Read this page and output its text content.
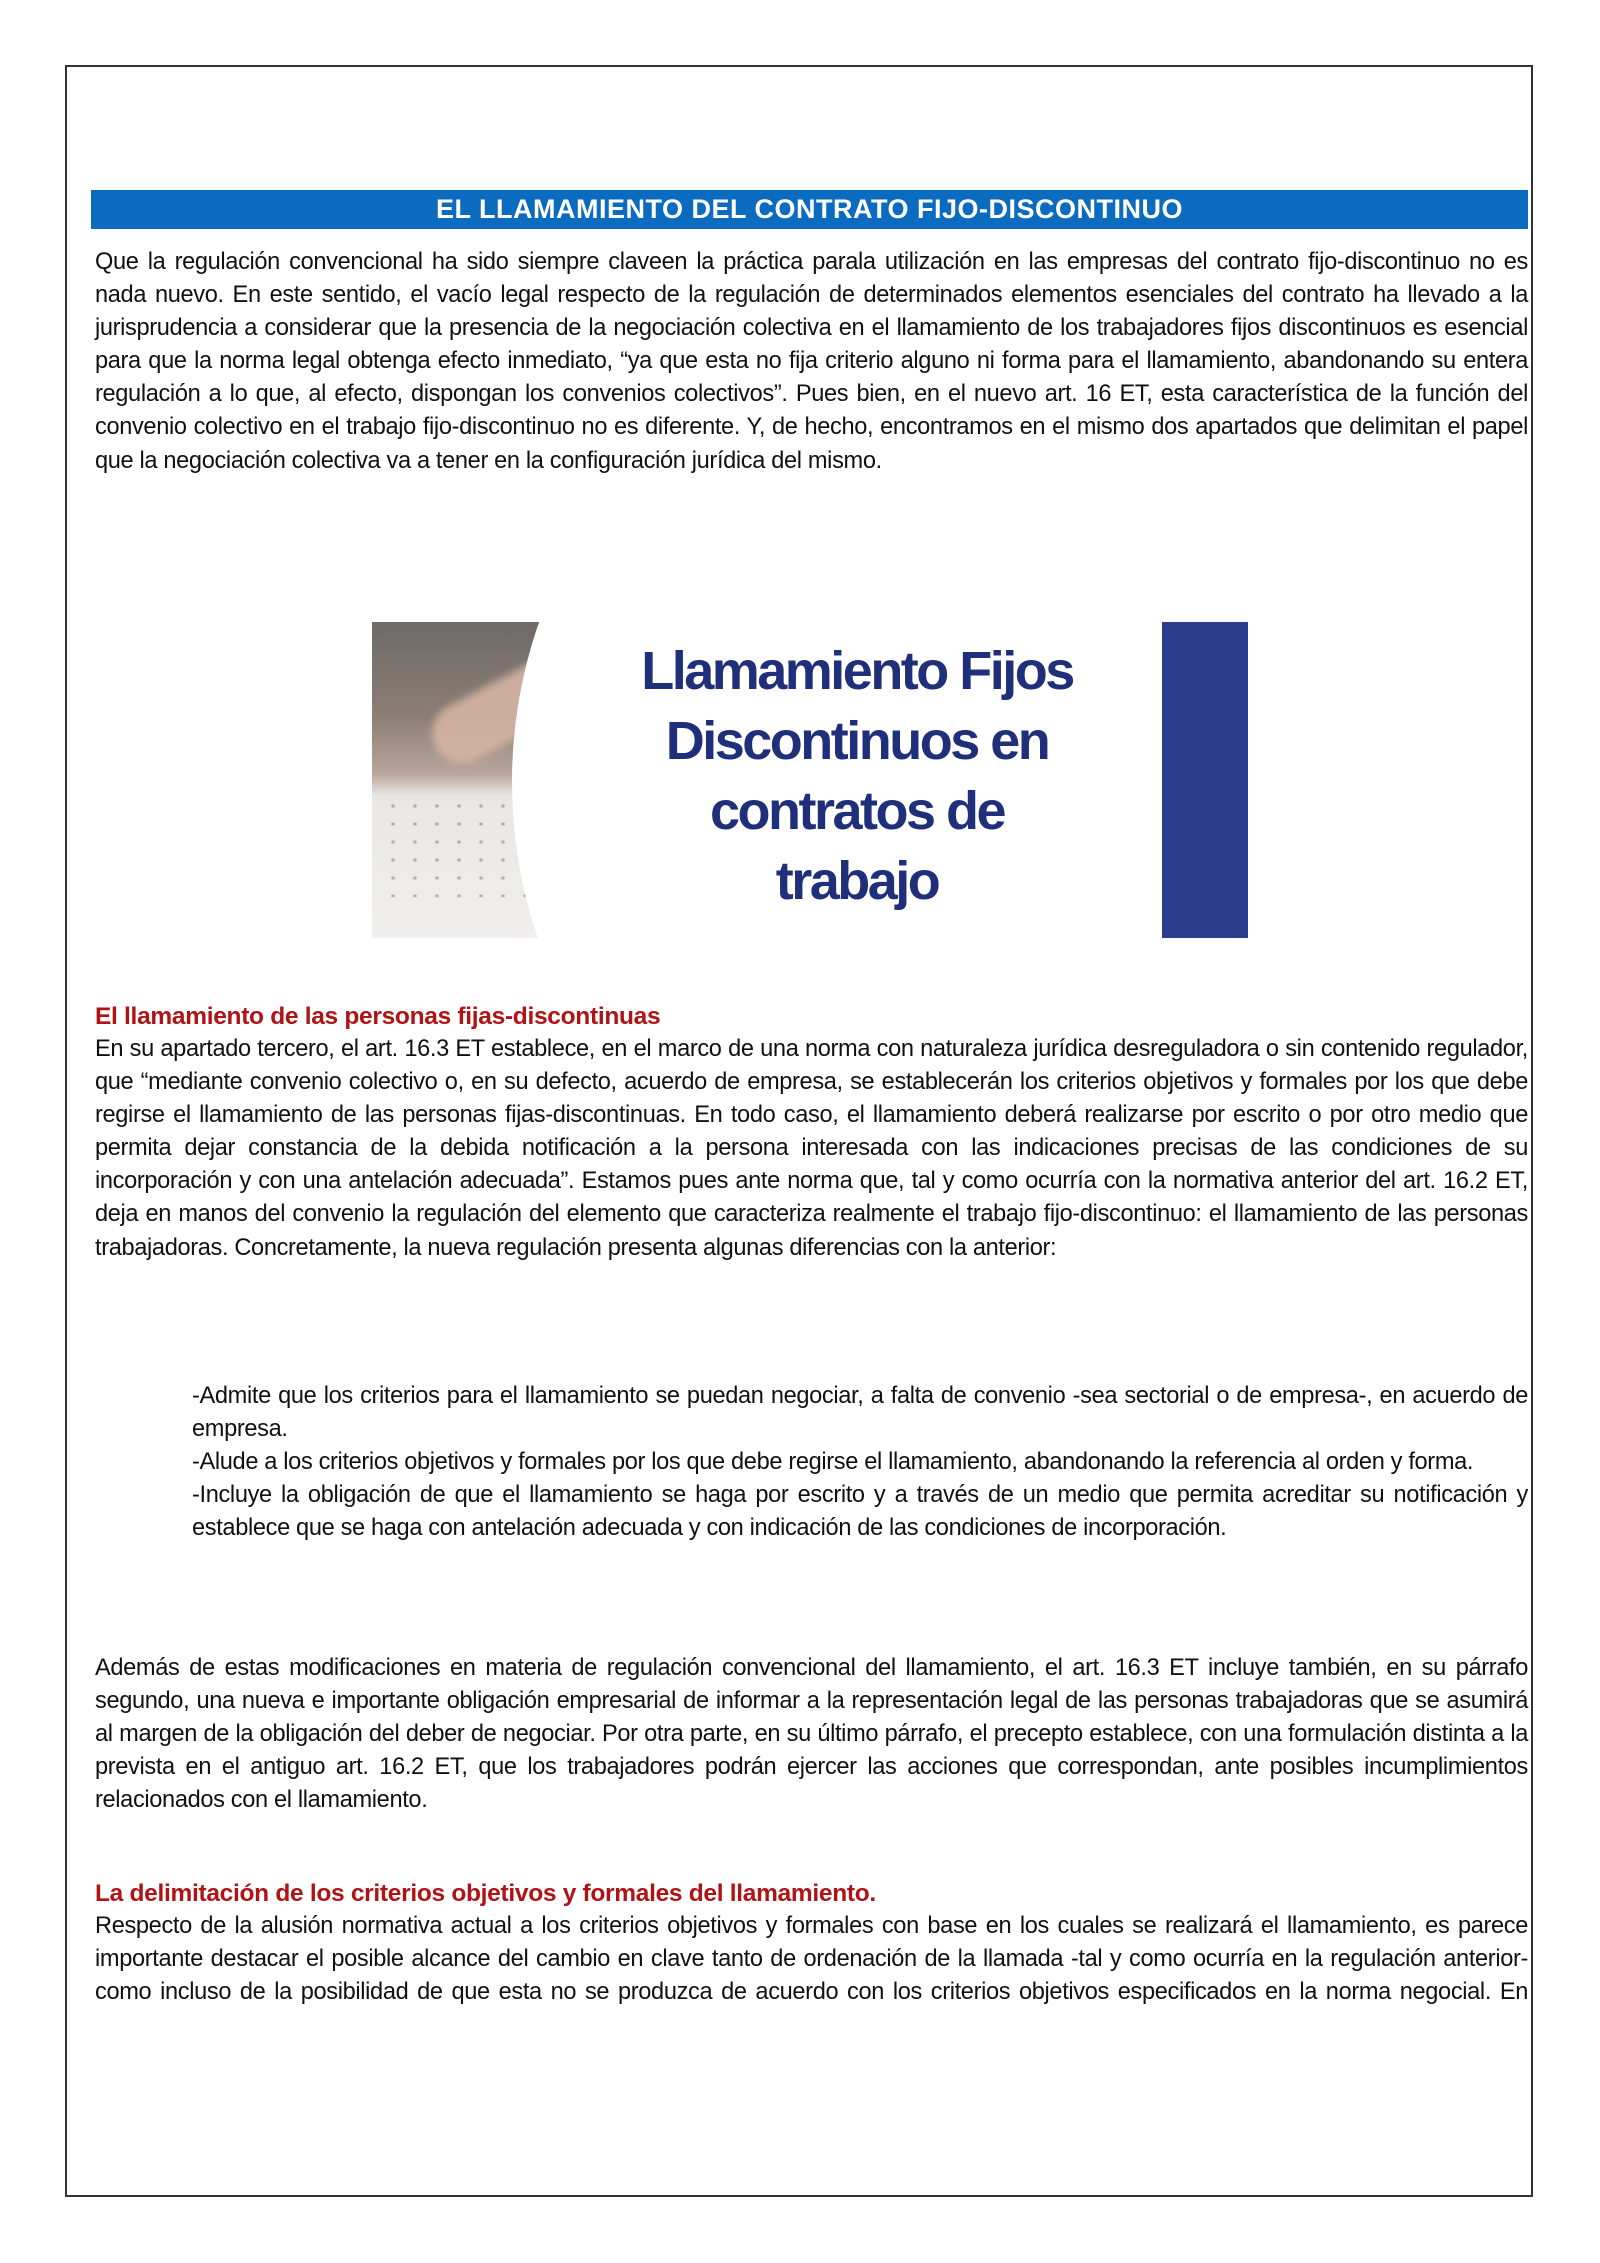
EL LLAMAMIENTO DEL CONTRATO FIJO-DISCONTINUO

Que la regulación convencional ha sido siempre claveen la práctica parala utilización en las empresas del contrato fijo-discontinuo no es nada nuevo. En este sentido, el vacío legal respecto de la regulación de determinados elementos esenciales del contrato ha llevado a la jurisprudencia a considerar que la presencia de la negociación colectiva en el llamamiento de los trabajadores fijos discontinuos es esencial para que la norma legal obtenga efecto inmediato, “ya que esta no fija criterio alguno ni forma para el llamamiento, abandonando su entera regulación a lo que, al efecto, dispongan los convenios colectivos”. Pues bien, en el nuevo art. 16 ET, esta característica de la función del convenio colectivo en el trabajo fijo-discontinuo no es diferente. Y, de hecho, encontramos en el mismo dos apartados que delimitan el papel que la negociación colectiva va a tener en la configuración jurídica del mismo.

Llamamiento Fijos
Discontinuos en
contratos de
trabajo

El llamamiento de las personas fijas-discontinuas

En su apartado tercero, el art. 16.3 ET establece, en el marco de una norma con naturaleza jurídica desreguladora o sin contenido regulador, que “mediante convenio colectivo o, en su defecto, acuerdo de empresa, se establecerán los criterios objetivos y formales por los que debe regirse el llamamiento de las personas fijas-discontinuas. En todo caso, el llamamiento deberá realizarse por escrito o por otro medio que permita dejar constancia de la debida notificación a la persona interesada con las indicaciones precisas de las condiciones de su incorporación y con una antelación adecuada”. Estamos pues ante norma que, tal y como ocurría con la normativa anterior del art. 16.2 ET, deja en manos del convenio la regulación del elemento que caracteriza realmente el trabajo fijo-discontinuo: el llamamiento de las personas trabajadoras. Concretamente, la nueva regulación presenta algunas diferencias con la anterior:

-Admite que los criterios para el llamamiento se puedan negociar, a falta de convenio -sea sectorial o de empresa-, en acuerdo de empresa.

-Alude a los criterios objetivos y formales por los que debe regirse el llamamiento, abandonando la referencia al orden y forma.

-Incluye la obligación de que el llamamiento se haga por escrito y a través de un medio que permita acreditar su notificación y establece que se haga con antelación adecuada y con indicación de las condiciones de incorporación.

Además de estas modificaciones en materia de regulación convencional del llamamiento, el art. 16.3 ET incluye también, en su párrafo segundo, una nueva e importante obligación empresarial de informar a la representación legal de las personas trabajadoras que se asumirá al margen de la obligación del deber de negociar. Por otra parte, en su último párrafo, el precepto establece, con una formulación distinta a la prevista en el antiguo art. 16.2 ET, que los trabajadores podrán ejercer las acciones que correspondan, ante posibles incumplimientos relacionados con el llamamiento.

La delimitación de los criterios objetivos y formales del llamamiento.

Respecto de la alusión normativa actual a los criterios objetivos y formales con base en los cuales se realizará el llamamiento, es parece importante destacar el posible alcance del cambio en clave tanto de ordenación de la llamada -tal y como ocurría en la regulación anterior-como incluso de la posibilidad de que esta no se produzca de acuerdo con los criterios objetivos especificados en la norma negocial. En
